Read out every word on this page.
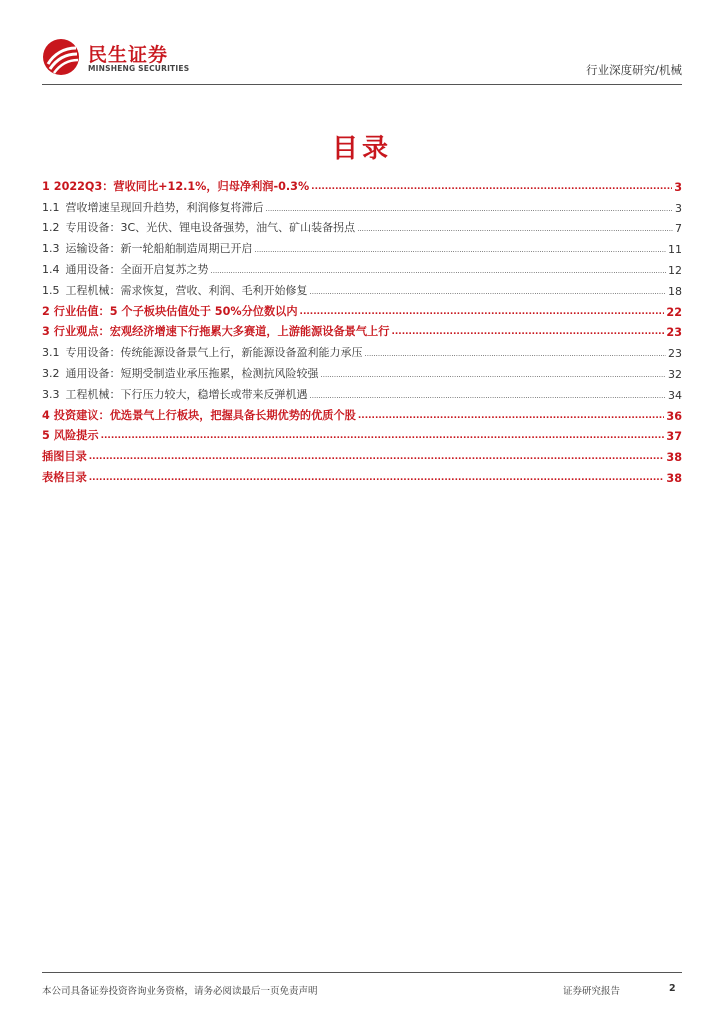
民生证券
MINSHENG SECURITIES	行业深度研究/机械
目录
1 2022Q3：营收同比+12.1%，归母净利润-0.3% .....	3
1.1 营收增速呈现回升趋势，利润修复将滞后 .....	3
1.2 专用设备：3C、光伏、锂电设备强势，油气、矿山装备拐点 .....	7
1.3 运输设备：新一轮船舶制造周期已开启 .....	11
1.4 通用设备：全面开启复苏之势 .....	12
1.5 工程机械：需求恢复，营收、利润、毛利开始修复 .....	18
2 行业估值：5 个子板块估值处于 50%分位数以内 .....	22
3 行业观点：宏观经济增速下行拖累大多赛道，上游能源设备景气上行 .....	23
3.1 专用设备：传统能源设备景气上行，新能源设备盈利能力承压 .....	23
3.2 通用设备：短期受制造业承压拖累，检测抗风险较强 .....	32
3.3 工程机械：下行压力较大，稳增长或带来反弹机遇 .....	34
4 投资建议：优选景气上行板块，把握具备长期优势的优质个股 .....	36
5 风险提示 .....	37
插图目录 .....	38
表格目录 .....	38
本公司具备证券投资咨询业务资格，请务必阅读最后一页免责声明	证券研究报告	2
